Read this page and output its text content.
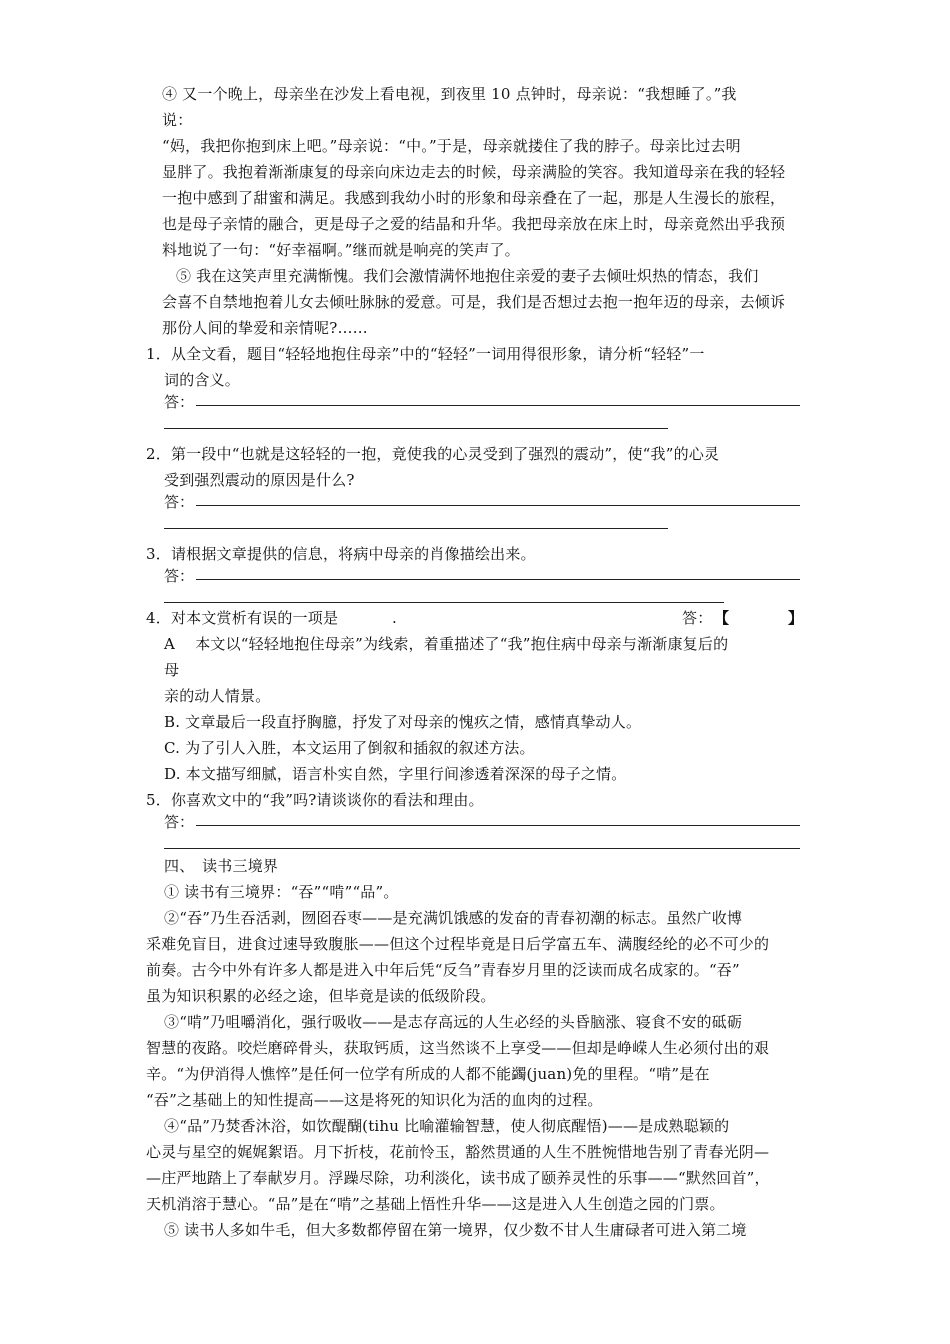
④ 又一个晚上，母亲坐在沙发上看电视，到夜里 10 点钟时，母亲说：“我想睡了。”我
说：
“妈，我把你抱到床上吧。”母亲说：“中。”于是，母亲就搂住了我的脖子。母亲比过去明
显胖了。我抱着渐渐康复的母亲向床边走去的时候，母亲满脸的笑容。我知道母亲在我的轻轻
一抱中感到了甜蜜和满足。我感到我幼小时的形象和母亲叠在了一起，那是人生漫长的旅程，
也是母子亲情的融合，更是母子之爱的结晶和升华。我把母亲放在床上时，母亲竟然出乎我预
料地说了一句：“好幸福啊。”继而就是响亮的笑声了。
⑤ 我在这笑声里充满惭愧。我们会激情满怀地抱住亲爱的妻子去倾吐炽热的情态，我们
会喜不自禁地抱着儿女去倾吐脉脉的爱意。可是，我们是否想过去抱一抱年迈的母亲，去倾诉
那份人间的挚爱和亲情呢?……
1．从全文看，题目“轻轻地抱住母亲”中的“轻轻”一词用得很形象，请分析“轻轻”一
词的含义。
答：
2．第一段中“也就是这轻轻的一抱，竟使我的心灵受到了强烈的震动”，使“我”的心灵
受到强烈震动的原因是什么?
答：
3．请根据文章提供的信息，将病中母亲的肖像描绘出来。
答：
4．对本文赏析有误的一项是	.	答： 【	】
A　 本文以“轻轻地抱住母亲”为线索，着重描述了“我”抱住病中母亲与渐渐康复后的
母
亲的动人情景。
B. 文章最后一段直抒胸臆，抒发了对母亲的愧疚之情，感情真挚动人。
C. 为了引人入胜，本文运用了倒叙和插叙的叙述方法。
D. 本文描写细腻，语言朴实自然，字里行间渗透着深深的母子之情。
5．你喜欢文中的“我”吗?请谈谈你的看法和理由。
答：
四、　读书三境界
① 读书有三境界：“吞”“啃”“品”。
②“吞”乃生吞活剥，囫囵吞枣——是充满饥饿感的发奋的青春初潮的标志。虽然广收博
采难免盲目，进食过速导致腹胀——但这个过程毕竟是日后学富五车、满腹经纶的必不可少的
前奏。古今中外有许多人都是进入中年后凭“反刍”青春岁月里的泛读而成名成家的。“吞”
虽为知识积累的必经之途，但毕竟是读的低级阶段。
③“啃”乃咀嚼消化，强行吸收——是志存高远的人生必经的头昏脑涨、寝食不安的砥砺
智慧的夜路。咬烂磨碎骨头，获取钙质，这当然谈不上享受——但却是峥嵘人生必须付出的艰
辛。“为伊消得人憔悴”是任何一位学有所成的人都不能蠲(juan)免的里程。“啃”是在
“吞”之基础上的知性提高——这是将死的知识化为活的血肉的过程。
④“品”乃焚香沐浴，如饮醍醐(tihu 比喻灌输智慧，使人彻底醒悟)——是成熟聪颖的
心灵与星空的娓娓絮语。月下折枝，花前怜玉，豁然贯通的人生不胜惋惜地告别了青春光阴—
—庄严地踏上了奉献岁月。浮躁尽除，功利淡化，读书成了颐养灵性的乐事——“默然回首”，
天机消溶于慧心。“品”是在“啃”之基础上悟性升华——这是进入人生创造之园的门票。
⑤ 读书人多如牛毛，但大多数都停留在第一境界，仅少数不甘人生庸碌者可进入第二境
